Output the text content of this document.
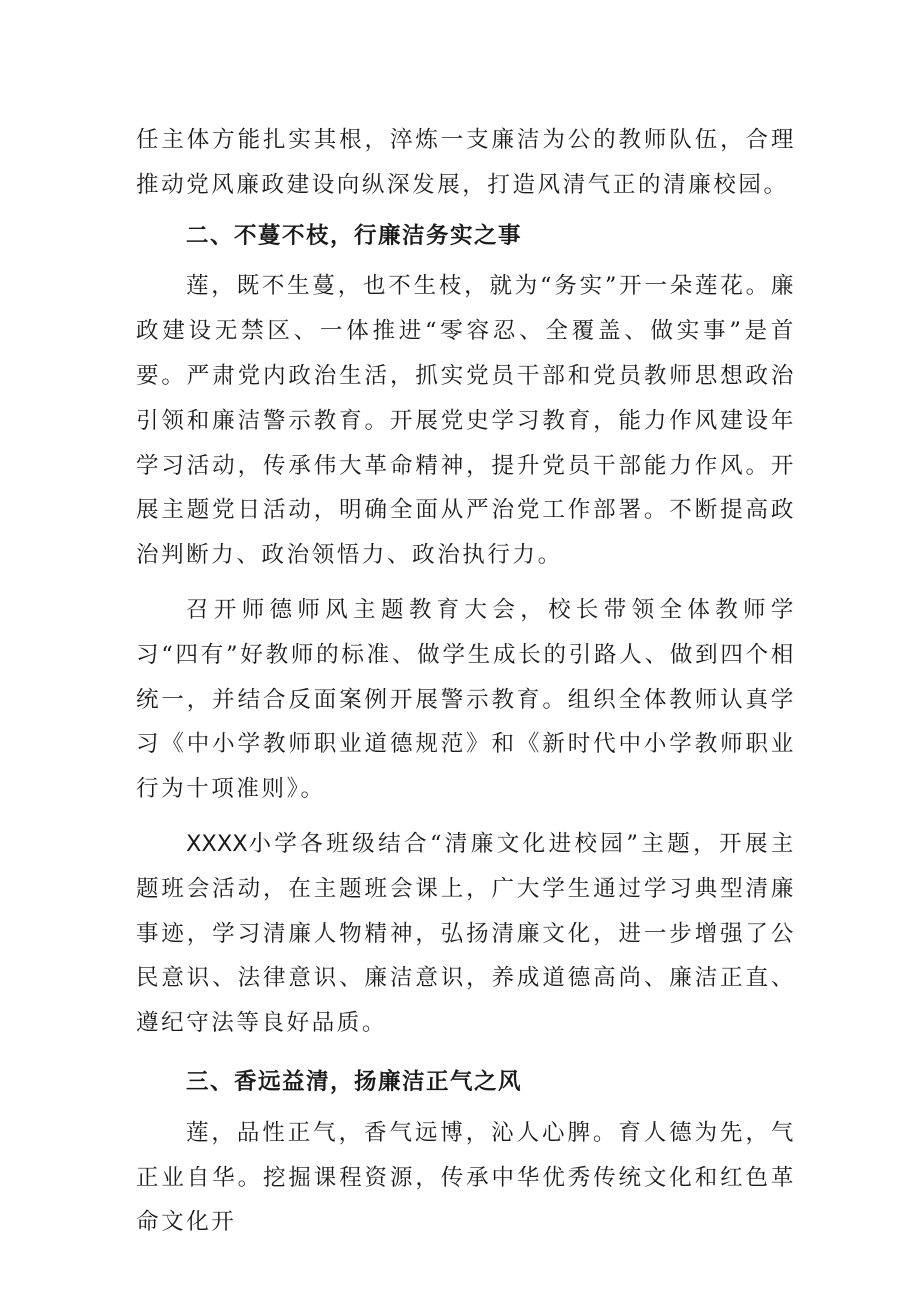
任主体方能扎实其根，淬炼一支廉洁为公的教师队伍，合理推动党风廉政建设向纵深发展，打造风清气正的清廉校园。

二、不蔓不枝，行廉洁务实之事

莲，既不生蔓，也不生枝，就为“务实”开一朵莲花。廉政建设无禁区、一体推进“零容忍、全覆盖、做实事”是首要。严肃党内政治生活，抓实党员干部和党员教师思想政治引领和廉洁警示教育。开展党史学习教育，能力作风建设年学习活动，传承伟大革命精神，提升党员干部能力作风。开展主题党日活动，明确全面从严治党工作部署。不断提高政治判断力、政治领悟力、政治执行力。

召开师德师风主题教育大会，校长带领全体教师学习“四有”好教师的标准、做学生成长的引路人、做到四个相统一，并结合反面案例开展警示教育。组织全体教师认真学习《中小学教师职业道德规范》和《新时代中小学教师职业行为十项准则》。

XXXX小学各班级结合“清廉文化进校园”主题，开展主题班会活动，在主题班会课上，广大学生通过学习典型清廉事迹，学习清廉人物精神，弘扬清廉文化，进一步增强了公民意识、法律意识、廉洁意识，养成道德高尚、廉洁正直、遵纪守法等良好品质。

三、香远益清，扬廉洁正气之风

莲，品性正气，香气远博，沁人心脾。育人德为先，气正业自华。挖掘课程资源，传承中华优秀传统文化和红色革命文化开
